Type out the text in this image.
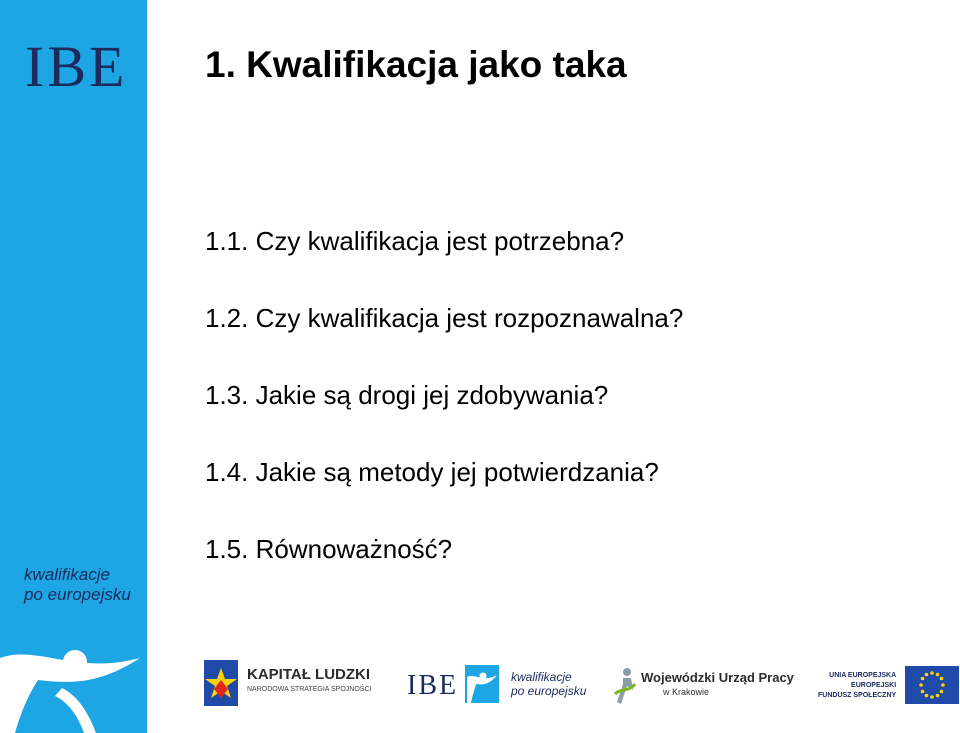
IBE
kwalifikacje
po europejsku
1. Kwalifikacja jako taka
1.1. Czy kwalifikacja jest potrzebna?
1.2. Czy kwalifikacja jest rozpoznawalna?
1.3. Jakie są drogi jej zdobywania?
1.4. Jakie są metody jej potwierdzania?
1.5. Równoważność?
KAPITAŁ LUDZKI
NARODOWA STRATEGIA SPÓJNOŚCI IBE	kwalifikacje
po europejsku
Wojewódzki Urząd Pracy
w Krakowie
UNIA EUROPEJSKA
EUROPEJSKI
FUNDUSZ SPOŁECZNY
